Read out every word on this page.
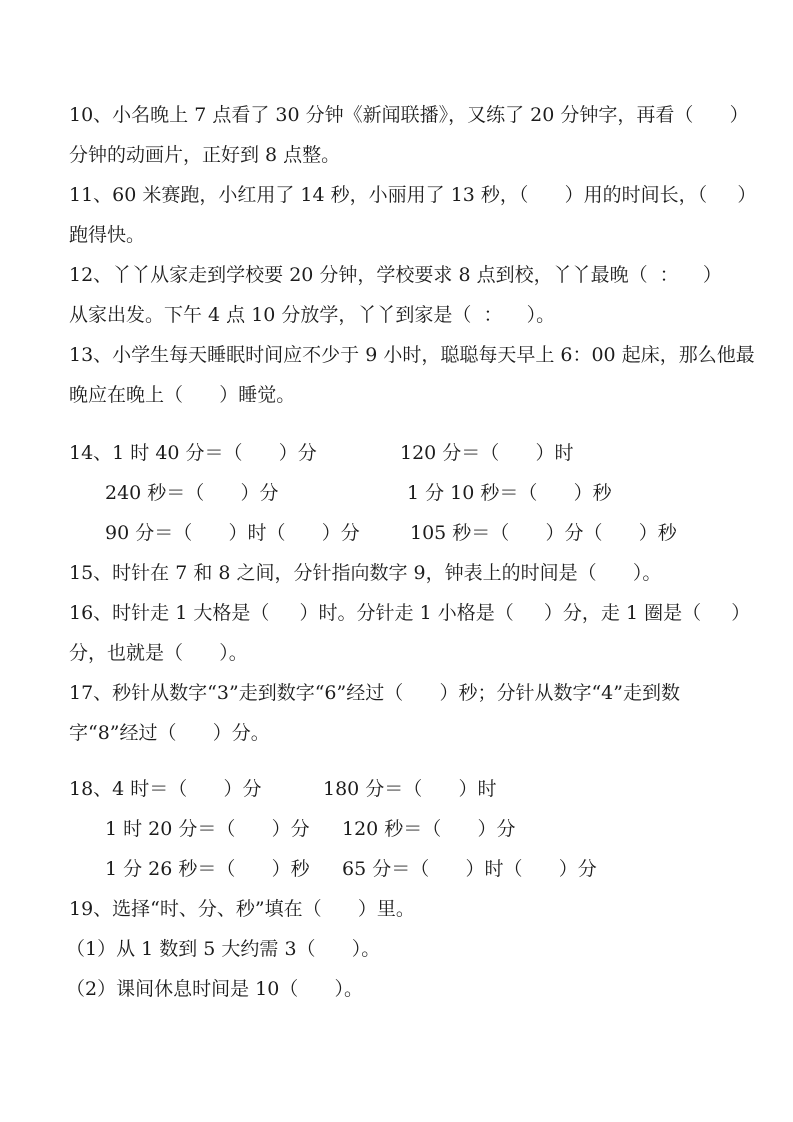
10、小名晚上 7 点看了 30 分钟《新闻联播》，又练了 20 分钟字，再看（      ）
分钟的动画片，正好到 8 点整。
11、60 米赛跑，小红用了 14 秒，小丽用了 13 秒，（      ）用的时间长，（     ）
跑得快。
12、丫丫从家走到学校要 20 分钟，学校要求 8 点到校，丫丫最晚（  ：    ）
从家出发。下午 4 点 10 分放学，丫丫到家是（  ：    ）。
13、小学生每天睡眠时间应不少于 9 小时，聪聪每天早上 6：00 起床，那么他最
晚应在晚上（      ）睡觉。

14、1 时 40 分＝（      ）分

	120 分＝（      ）时

240 秒＝（      ）分

	1 分 10 秒＝（      ）秒

90 分＝（      ）时（      ）分

	105 秒＝（      ）分（      ）秒

15、时针在 7 和 8 之间，分针指向数字 9，钟表上的时间是（      ）。
16、时针走 1 大格是（     ）时。分针走 1 小格是（     ）分，走 1 圈是（     ）
分，也就是（      ）。
17、秒针从数字“3”走到数字“6”经过（      ）秒；分针从数字“4”走到数
字“8”经过（      ）分。

18、4 时＝（      ）分

	180 分＝（      ）时

1 时 20 分＝（      ）分

120 秒＝（      ）分

1 分 26 秒＝（      ）秒

65 分＝（      ）时（      ）分

19、选择“时、分、秒”填在（      ）里。
（1）从 1 数到 5 大约需 3（      ）。
（2）课间休息时间是 10（      ）。
